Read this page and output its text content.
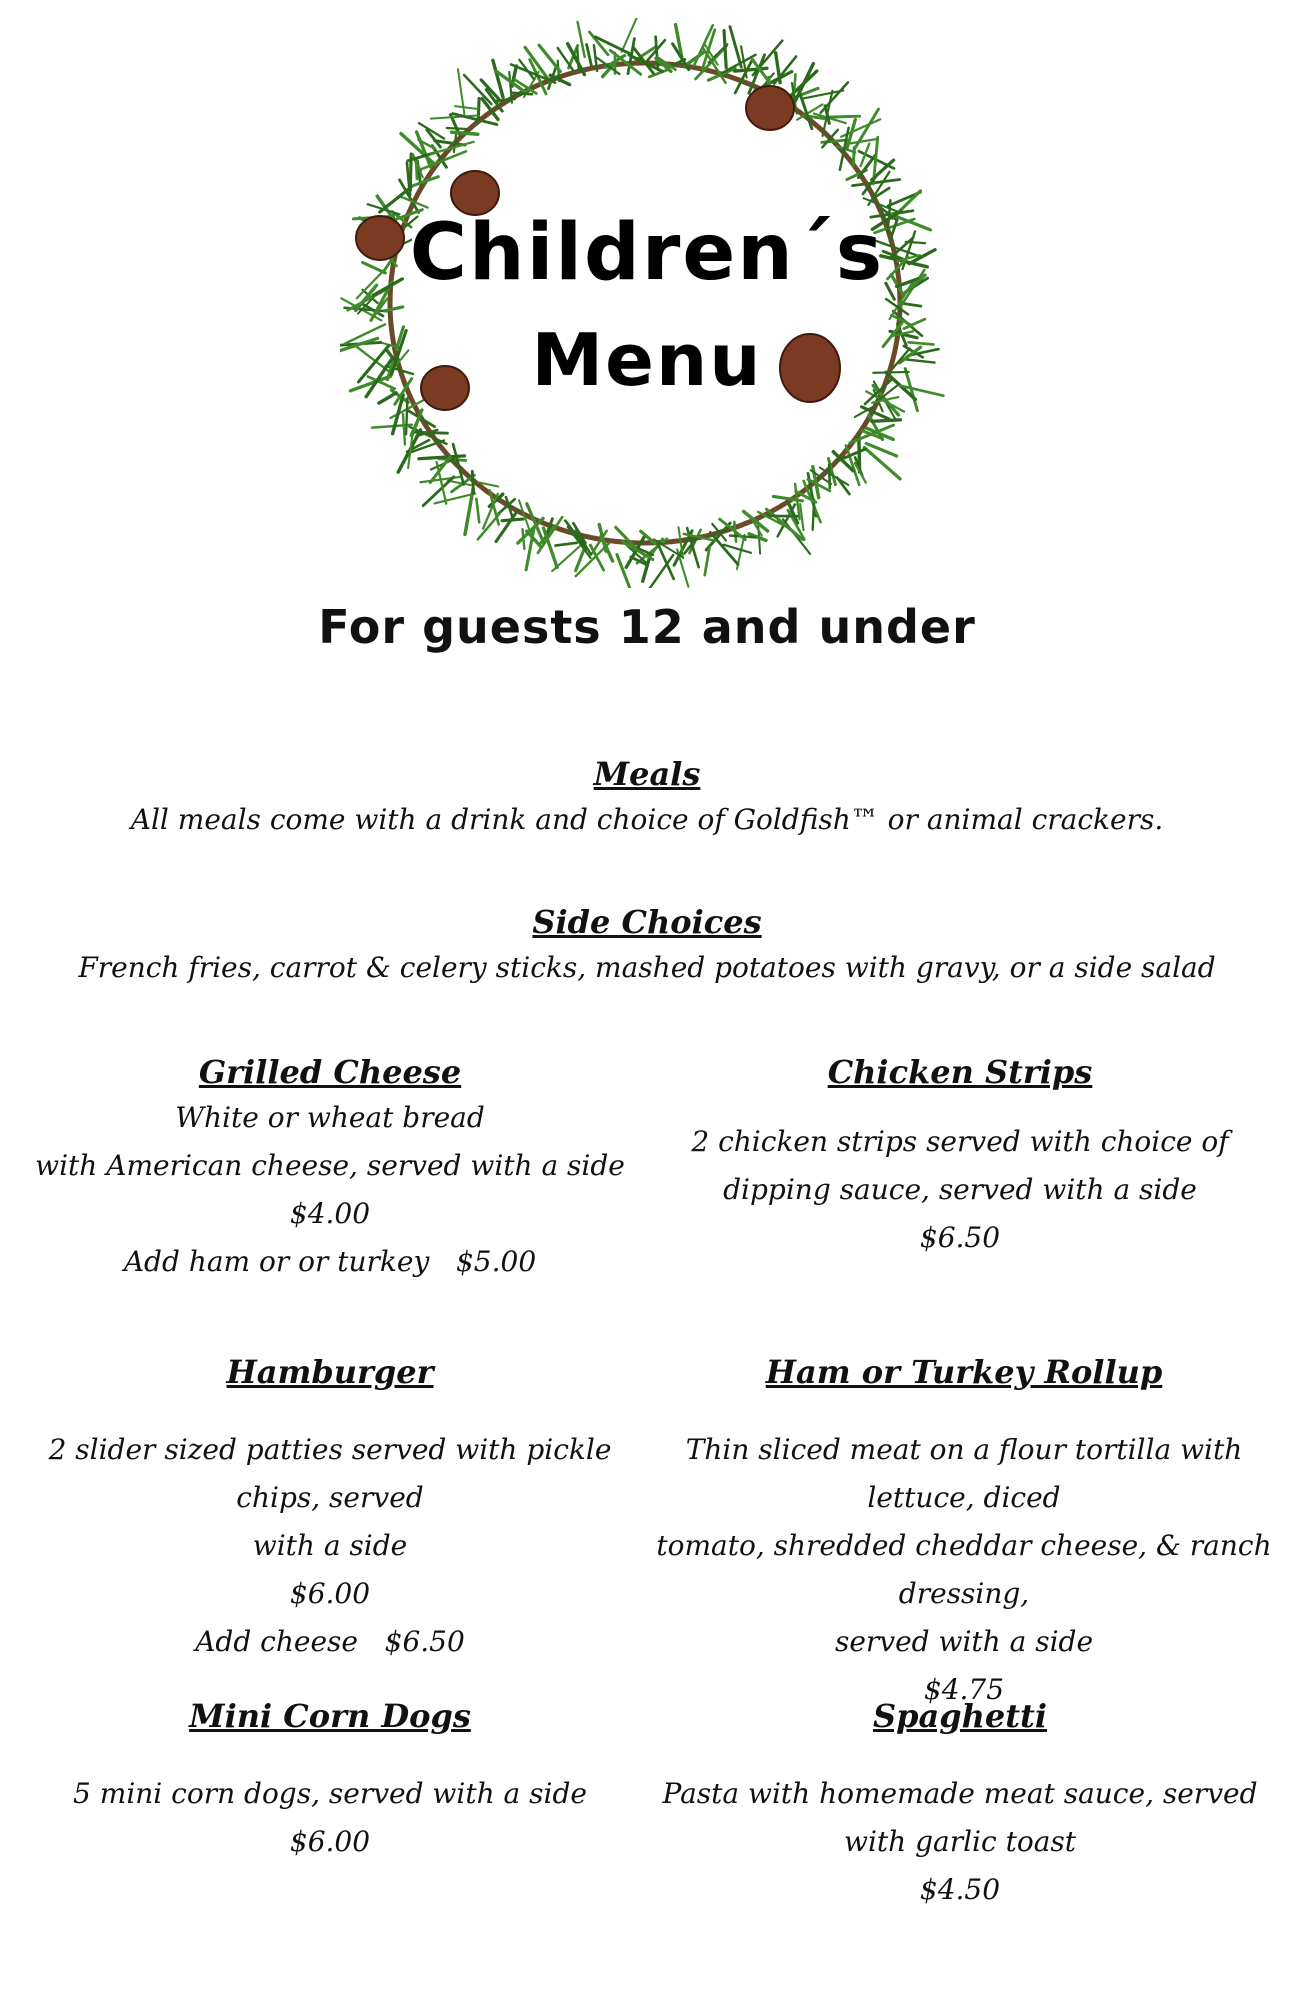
Children´s
Menu
For guests 12 and under
Meals
All meals come with a drink and choice of Goldfish™ or animal crackers.
Side Choices
French fries, carrot & celery sticks, mashed potatoes with gravy, or a side salad
Grilled Cheese
White or wheat bread
with American cheese, served with a side
$4.00
Add ham or or turkey   $5.00
Chicken Strips
2 chicken strips served with choice of
dipping sauce, served with a side
$6.50
Hamburger
2 slider sized patties served with pickle chips, served
with a side
$6.00
Add cheese   $6.50
Ham or Turkey Rollup
Thin sliced meat on a flour tortilla with lettuce, diced
tomato, shredded cheddar cheese, & ranch dressing,
served with a side
$4.75
Mini Corn Dogs
5 mini corn dogs, served with a side
$6.00
Spaghetti
Pasta with homemade meat sauce, served
with garlic toast
$4.50
